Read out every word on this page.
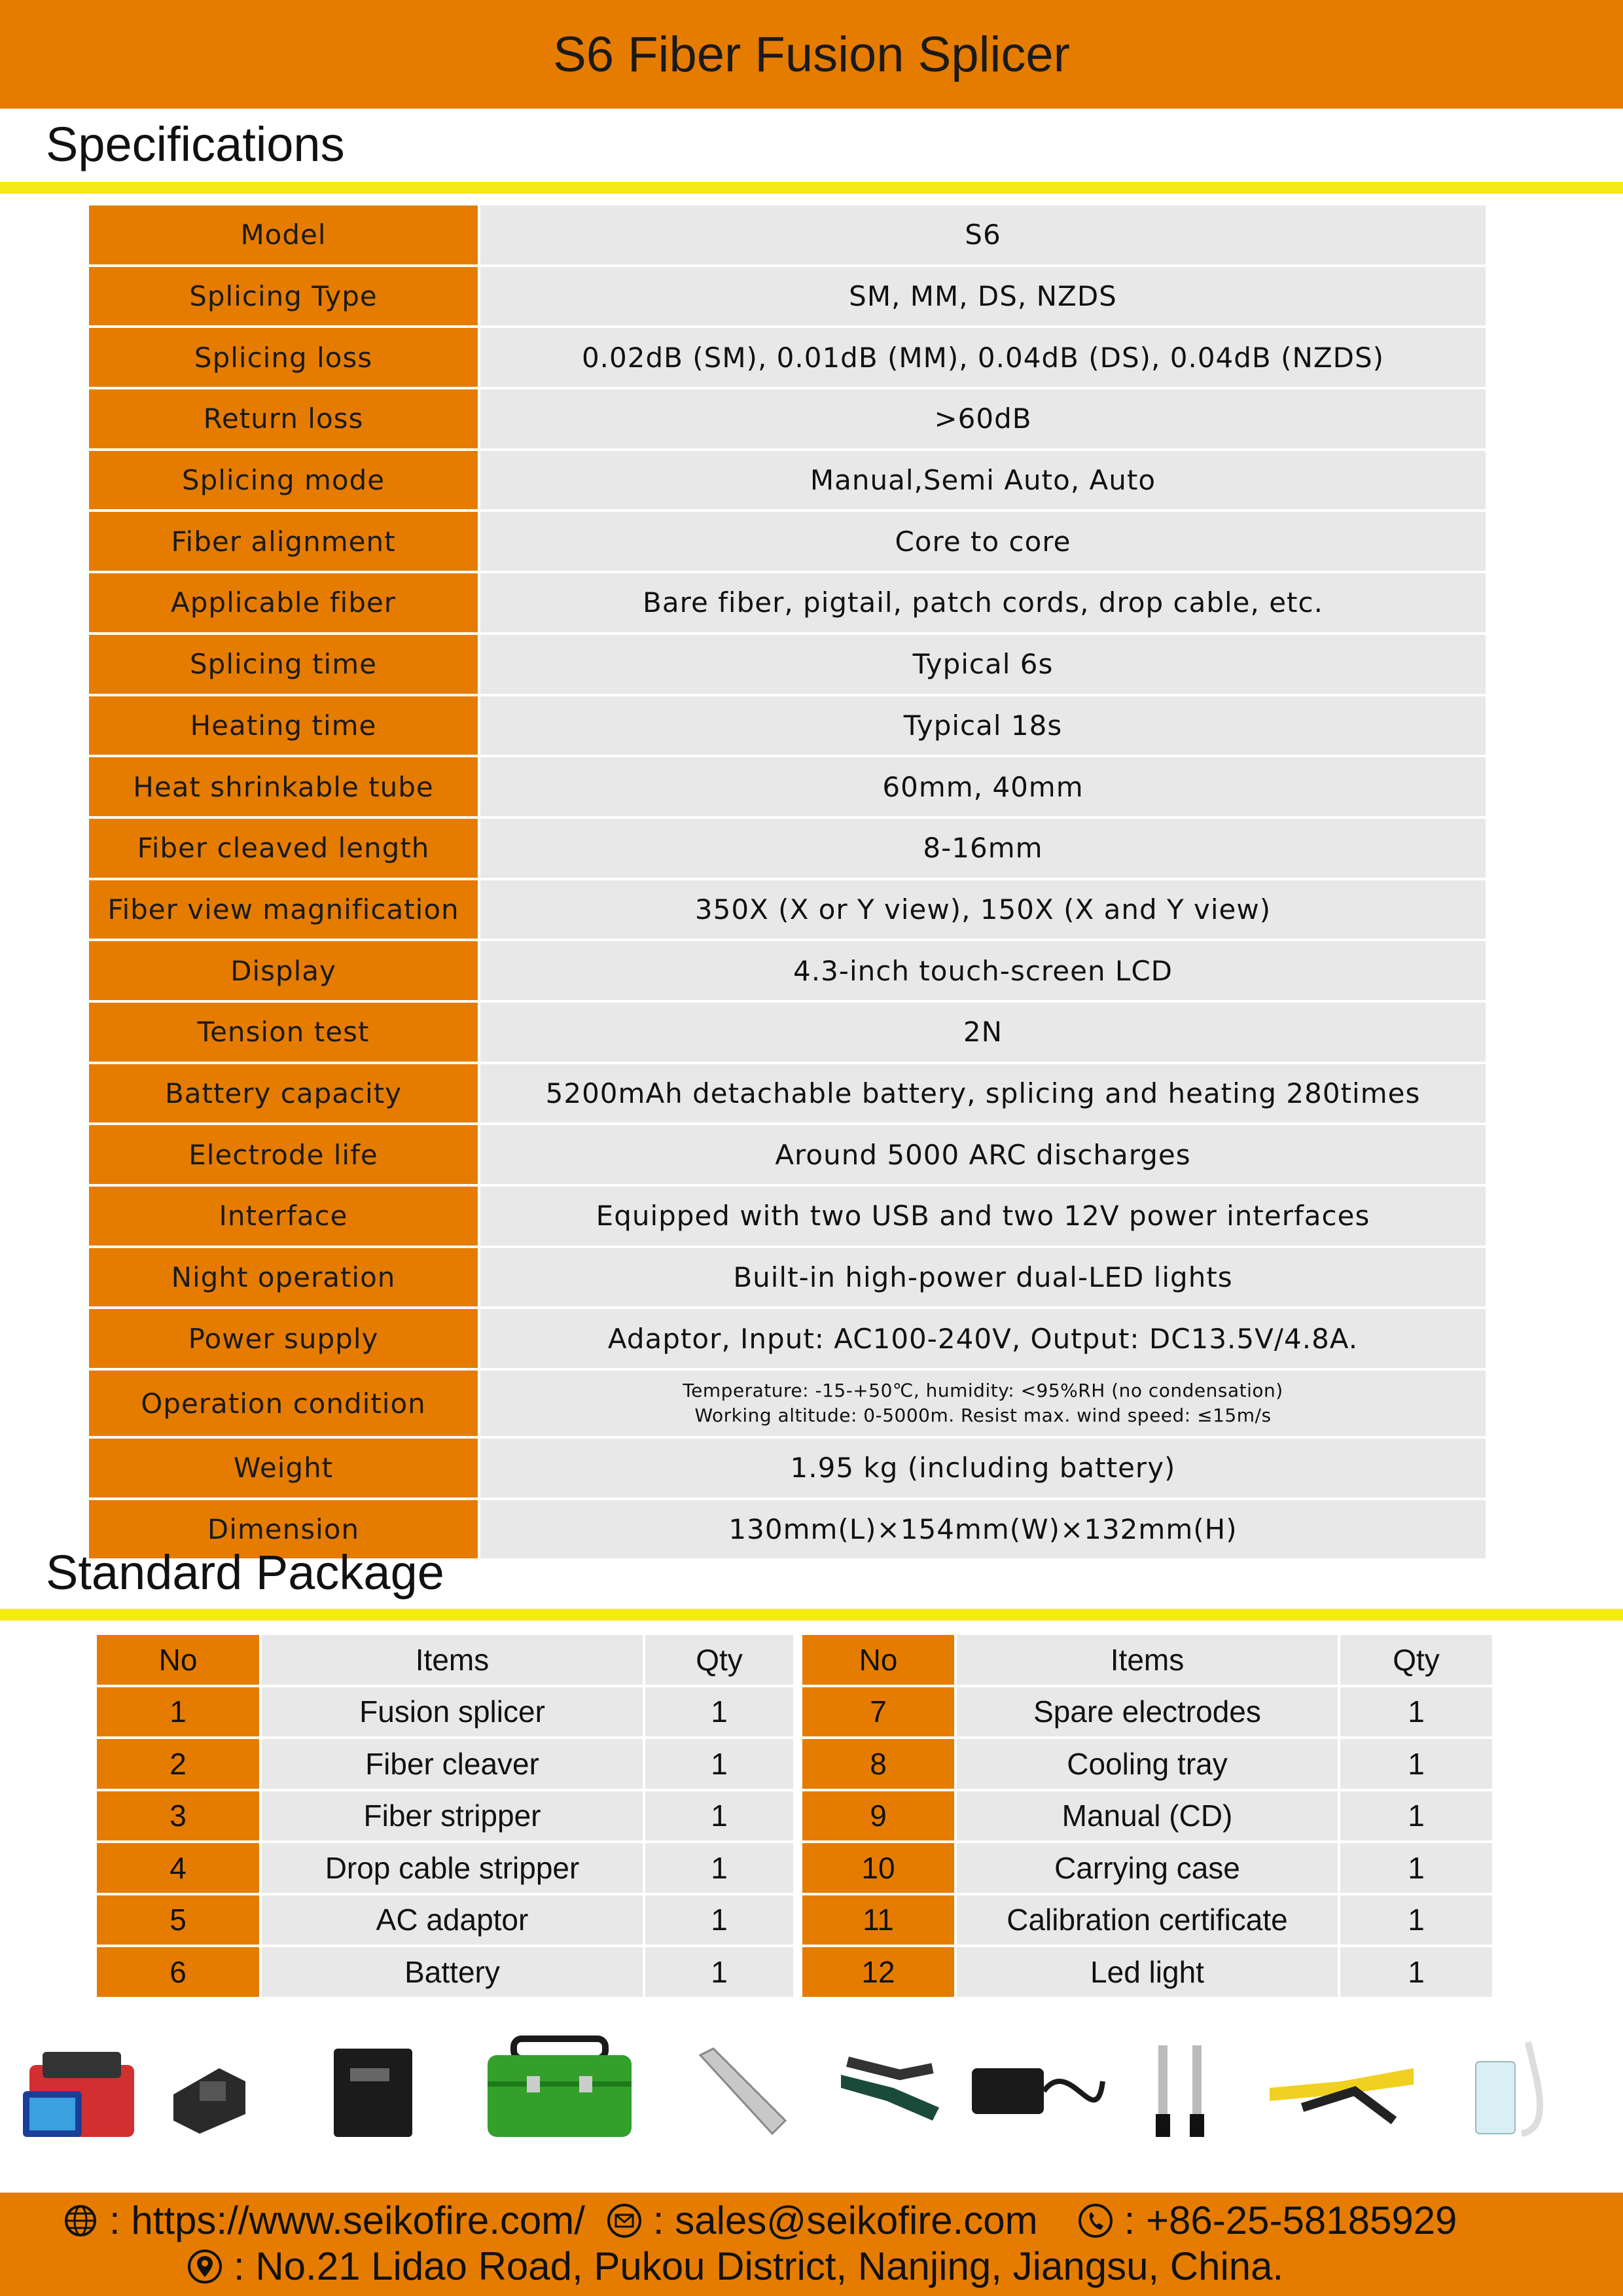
S6 Fiber Fusion Splicer
Specifications
Model	S6
Splicing Type	SM, MM, DS, NZDS
Splicing loss	0.02dB (SM), 0.01dB (MM), 0.04dB (DS), 0.04dB (NZDS)
Return loss	>60dB
Splicing mode	Manual,Semi Auto, Auto
Fiber alignment	Core to core
Applicable fiber	Bare fiber, pigtail, patch cords, drop cable, etc.
Splicing time	Typical 6s
Heating time	Typical 18s
Heat shrinkable tube	60mm, 40mm
Fiber cleaved length	8-16mm
Fiber view magnification	350X (X or Y view), 150X (X and Y view)
Display	4.3-inch touch-screen LCD
Tension test	2N
Battery capacity	5200mAh detachable battery, splicing and heating 280times
Electrode life	Around 5000 ARC discharges
Interface	Equipped with two USB and two 12V power interfaces
Night operation	Built-in high-power dual-LED lights
Power supply	Adaptor, Input: AC100-240V, Output: DC13.5V/4.8A.
Operation condition	Temperature: -15-+50℃, humidity: <95%RH (no condensation)
Working altitude: 0-5000m. Resist max. wind speed: ≤15m/s
Weight	1.95 kg (including battery)
Dimension	130mm(L)×154mm(W)×132mm(H)
Standard Package
No	Items	Qty
1	Fusion splicer	1
2	Fiber cleaver	1
3	Fiber stripper	1
4	Drop cable stripper	1
5	AC adaptor	1
6	Battery	1
No	Items	Qty
7	Spare electrodes	1
8	Cooling tray	1
9	Manual (CD)	1
10	Carrying case	1
11	Calibration certificate	1
12	Led light	1
: https://www.seikofire.com/ : sales@seikofire.com : +86-25-58185929
: No.21 Lidao Road, Pukou District, Nanjing, Jiangsu, China.
